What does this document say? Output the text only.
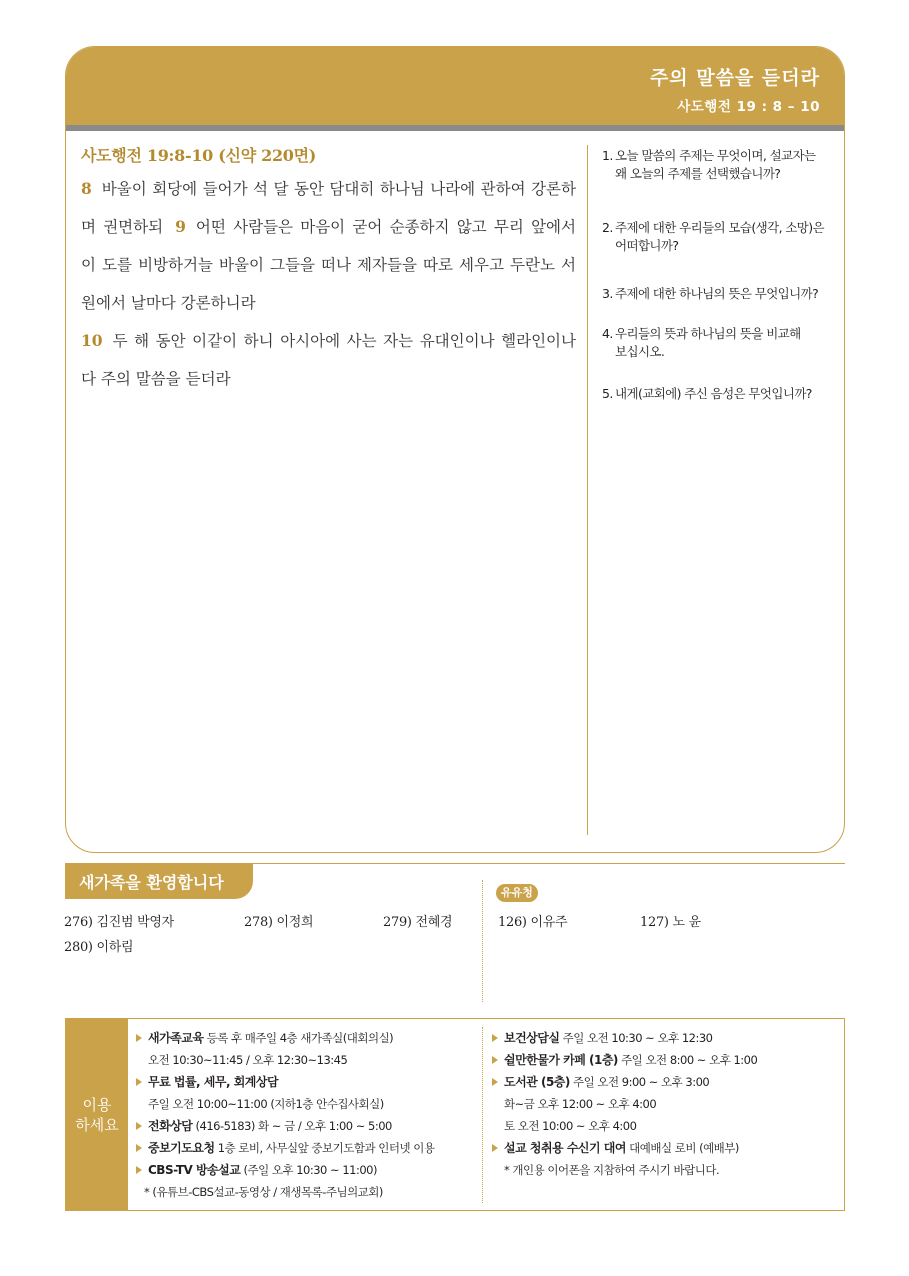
주의 말씀을 듣더라
사도행전 19 : 8 – 10
사도행전 19:8-10 (신약 220면)
8 바울이 회당에 들어가 석 달 동안 담대히 하나님 나라에 관하여 강론하며 권면하되 9 어떤 사람들은 마음이 굳어 순종하지 않고 무리 앞에서 이 도를 비방하거늘 바울이 그들을 떠나 제자들을 따로 세우고 두란노 서원에서 날마다 강론하니라
10 두 해 동안 이같이 하니 아시아에 사는 자는 유대인이나 헬라인이나 다 주의 말씀을 듣더라
1. 오늘 말씀의 주제는 무엇이며, 설교자는
왜 오늘의 주제를 선택했습니까?
2. 주제에 대한 우리들의 모습(생각, 소망)은
어떠합니까?
3. 주제에 대한 하나님의 뜻은 무엇입니까?
4. 우리들의 뜻과 하나님의 뜻을 비교해
보십시오.
5. 내게(교회에) 주신 음성은 무엇입니까?
새가족을 환영합니다
276) 김진범 박영자	278) 이정희	279) 전혜경
280) 이하림
유유청
126) 이유주	127) 노 윤
이용
하세요
새가족교육 등록 후 매주일 4층 새가족실(대회의실)
오전 10:30~11:45 / 오후 12:30~13:45
무료 법률, 세무, 회계상담
주일 오전 10:00~11:00 (지하1층 안수집사회실)
전화상담 (416-5183) 화 ~ 금 / 오후 1:00 ~ 5:00
중보기도요청 1층 로비, 사무실앞 중보기도함과 인터넷 이용
CBS-TV 방송설교 (주일 오후 10:30 ~ 11:00)
* (유튜브-CBS설교-동영상 / 재생목록-주님의교회)
보건상담실 주일 오전 10:30 ~ 오후 12:30
쉴만한물가 카페 (1층) 주일 오전 8:00 ~ 오후 1:00
도서관 (5층) 주일 오전 9:00 ~ 오후 3:00
화~금 오후 12:00 ~ 오후 4:00
토 오전 10:00 ~ 오후 4:00
설교 청취용 수신기 대여 대예배실 로비 (예배부)
* 개인용 이어폰을 지참하여 주시기 바랍니다.
